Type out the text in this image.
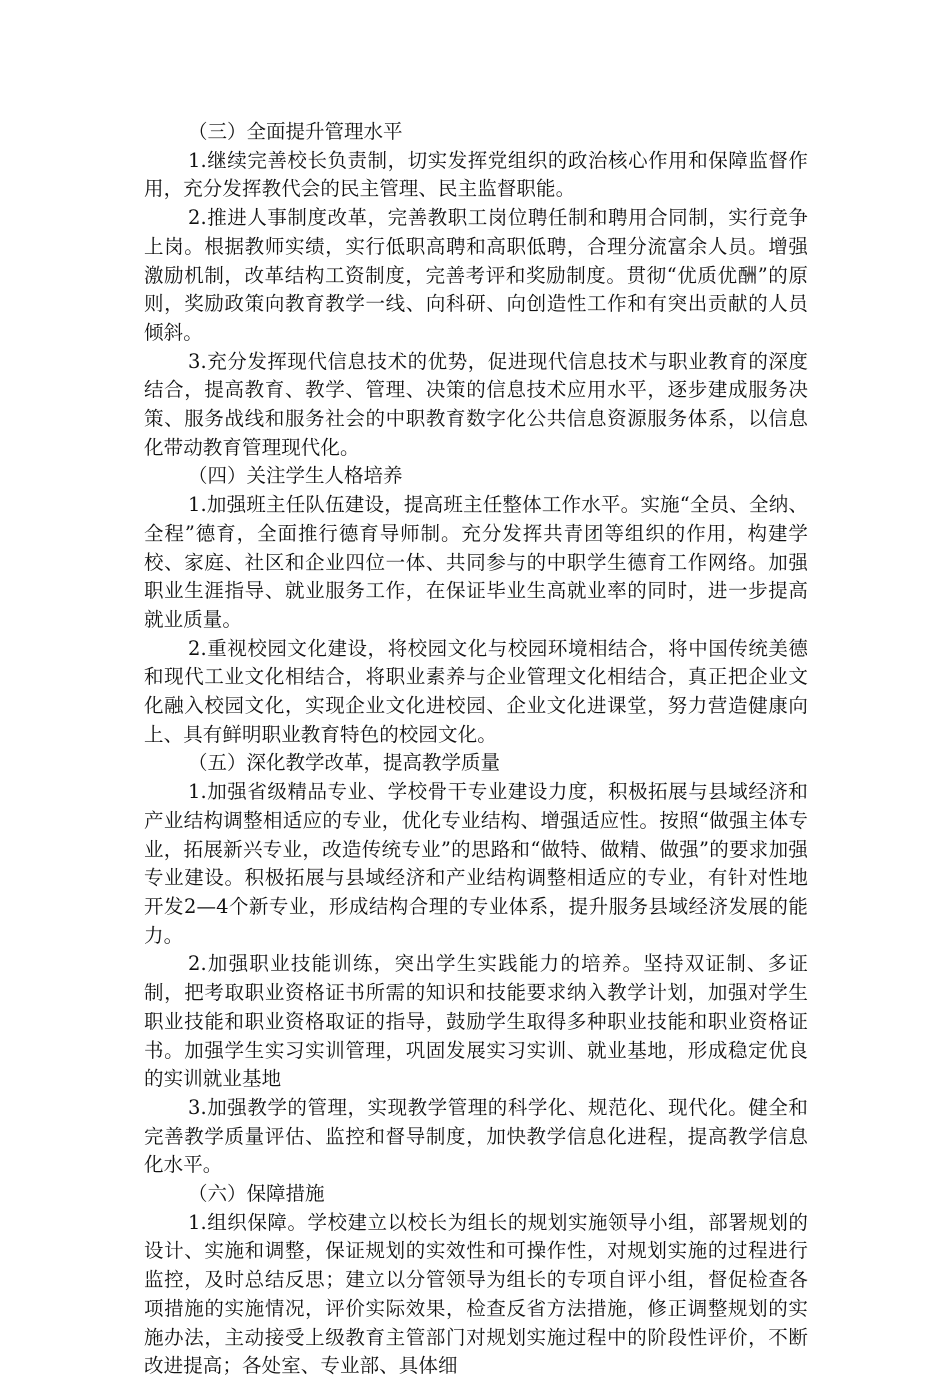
（三）全面提升管理水平

1.继续完善校长负责制，切实发挥党组织的政治核心作用和保障监督作用，充分发挥教代会的民主管理、民主监督职能。

2.推进人事制度改革，完善教职工岗位聘任制和聘用合同制，实行竞争上岗。根据教师实绩，实行低职高聘和高职低聘，合理分流富余人员。增强激励机制，改革结构工资制度，完善考评和奖励制度。贯彻“优质优酬”的原则，奖励政策向教育教学一线、向科研、向创造性工作和有突出贡献的人员倾斜。

3.充分发挥现代信息技术的优势，促进现代信息技术与职业教育的深度结合，提高教育、教学、管理、决策的信息技术应用水平，逐步建成服务决策、服务战线和服务社会的中职教育数字化公共信息资源服务体系，以信息化带动教育管理现代化。

（四）关注学生人格培养

1.加强班主任队伍建设，提高班主任整体工作水平。实施“全员、全纳、全程”德育，全面推行德育导师制。充分发挥共青团等组织的作用，构建学校、家庭、社区和企业四位一体、共同参与的中职学生德育工作网络。加强职业生涯指导、就业服务工作，在保证毕业生高就业率的同时，进一步提高就业质量。

2.重视校园文化建设，将校园文化与校园环境相结合，将中国传统美德和现代工业文化相结合，将职业素养与企业管理文化相结合，真正把企业文化融入校园文化，实现企业文化进校园、企业文化进课堂，努力营造健康向上、具有鲜明职业教育特色的校园文化。

（五）深化教学改革，提高教学质量

1.加强省级精品专业、学校骨干专业建设力度，积极拓展与县域经济和产业结构调整相适应的专业，优化专业结构、增强适应性。按照“做强主体专业，拓展新兴专业，改造传统专业”的思路和“做特、做精、做强”的要求加强专业建设。积极拓展与县域经济和产业结构调整相适应的专业，有针对性地开发2—4个新专业，形成结构合理的专业体系，提升服务县域经济发展的能力。

2.加强职业技能训练，突出学生实践能力的培养。坚持双证制、多证制，把考取职业资格证书所需的知识和技能要求纳入教学计划，加强对学生职业技能和职业资格取证的指导，鼓励学生取得多种职业技能和职业资格证书。加强学生实习实训管理，巩固发展实习实训、就业基地，形成稳定优良的实训就业基地

3.加强教学的管理，实现教学管理的科学化、规范化、现代化。健全和完善教学质量评估、监控和督导制度，加快教学信息化进程，提高教学信息化水平。

（六）保障措施

1.组织保障。学校建立以校长为组长的规划实施领导小组，部署规划的设计、实施和调整，保证规划的实效性和可操作性，对规划实施的过程进行监控，及时总结反思；建立以分管领导为组长的专项自评小组，督促检查各项措施的实施情况，评价实际效果，检查反省方法措施，修正调整规划的实施办法，主动接受上级教育主管部门对规划实施过程中的阶段性评价，不断改进提高；各处室、专业部、具体细
